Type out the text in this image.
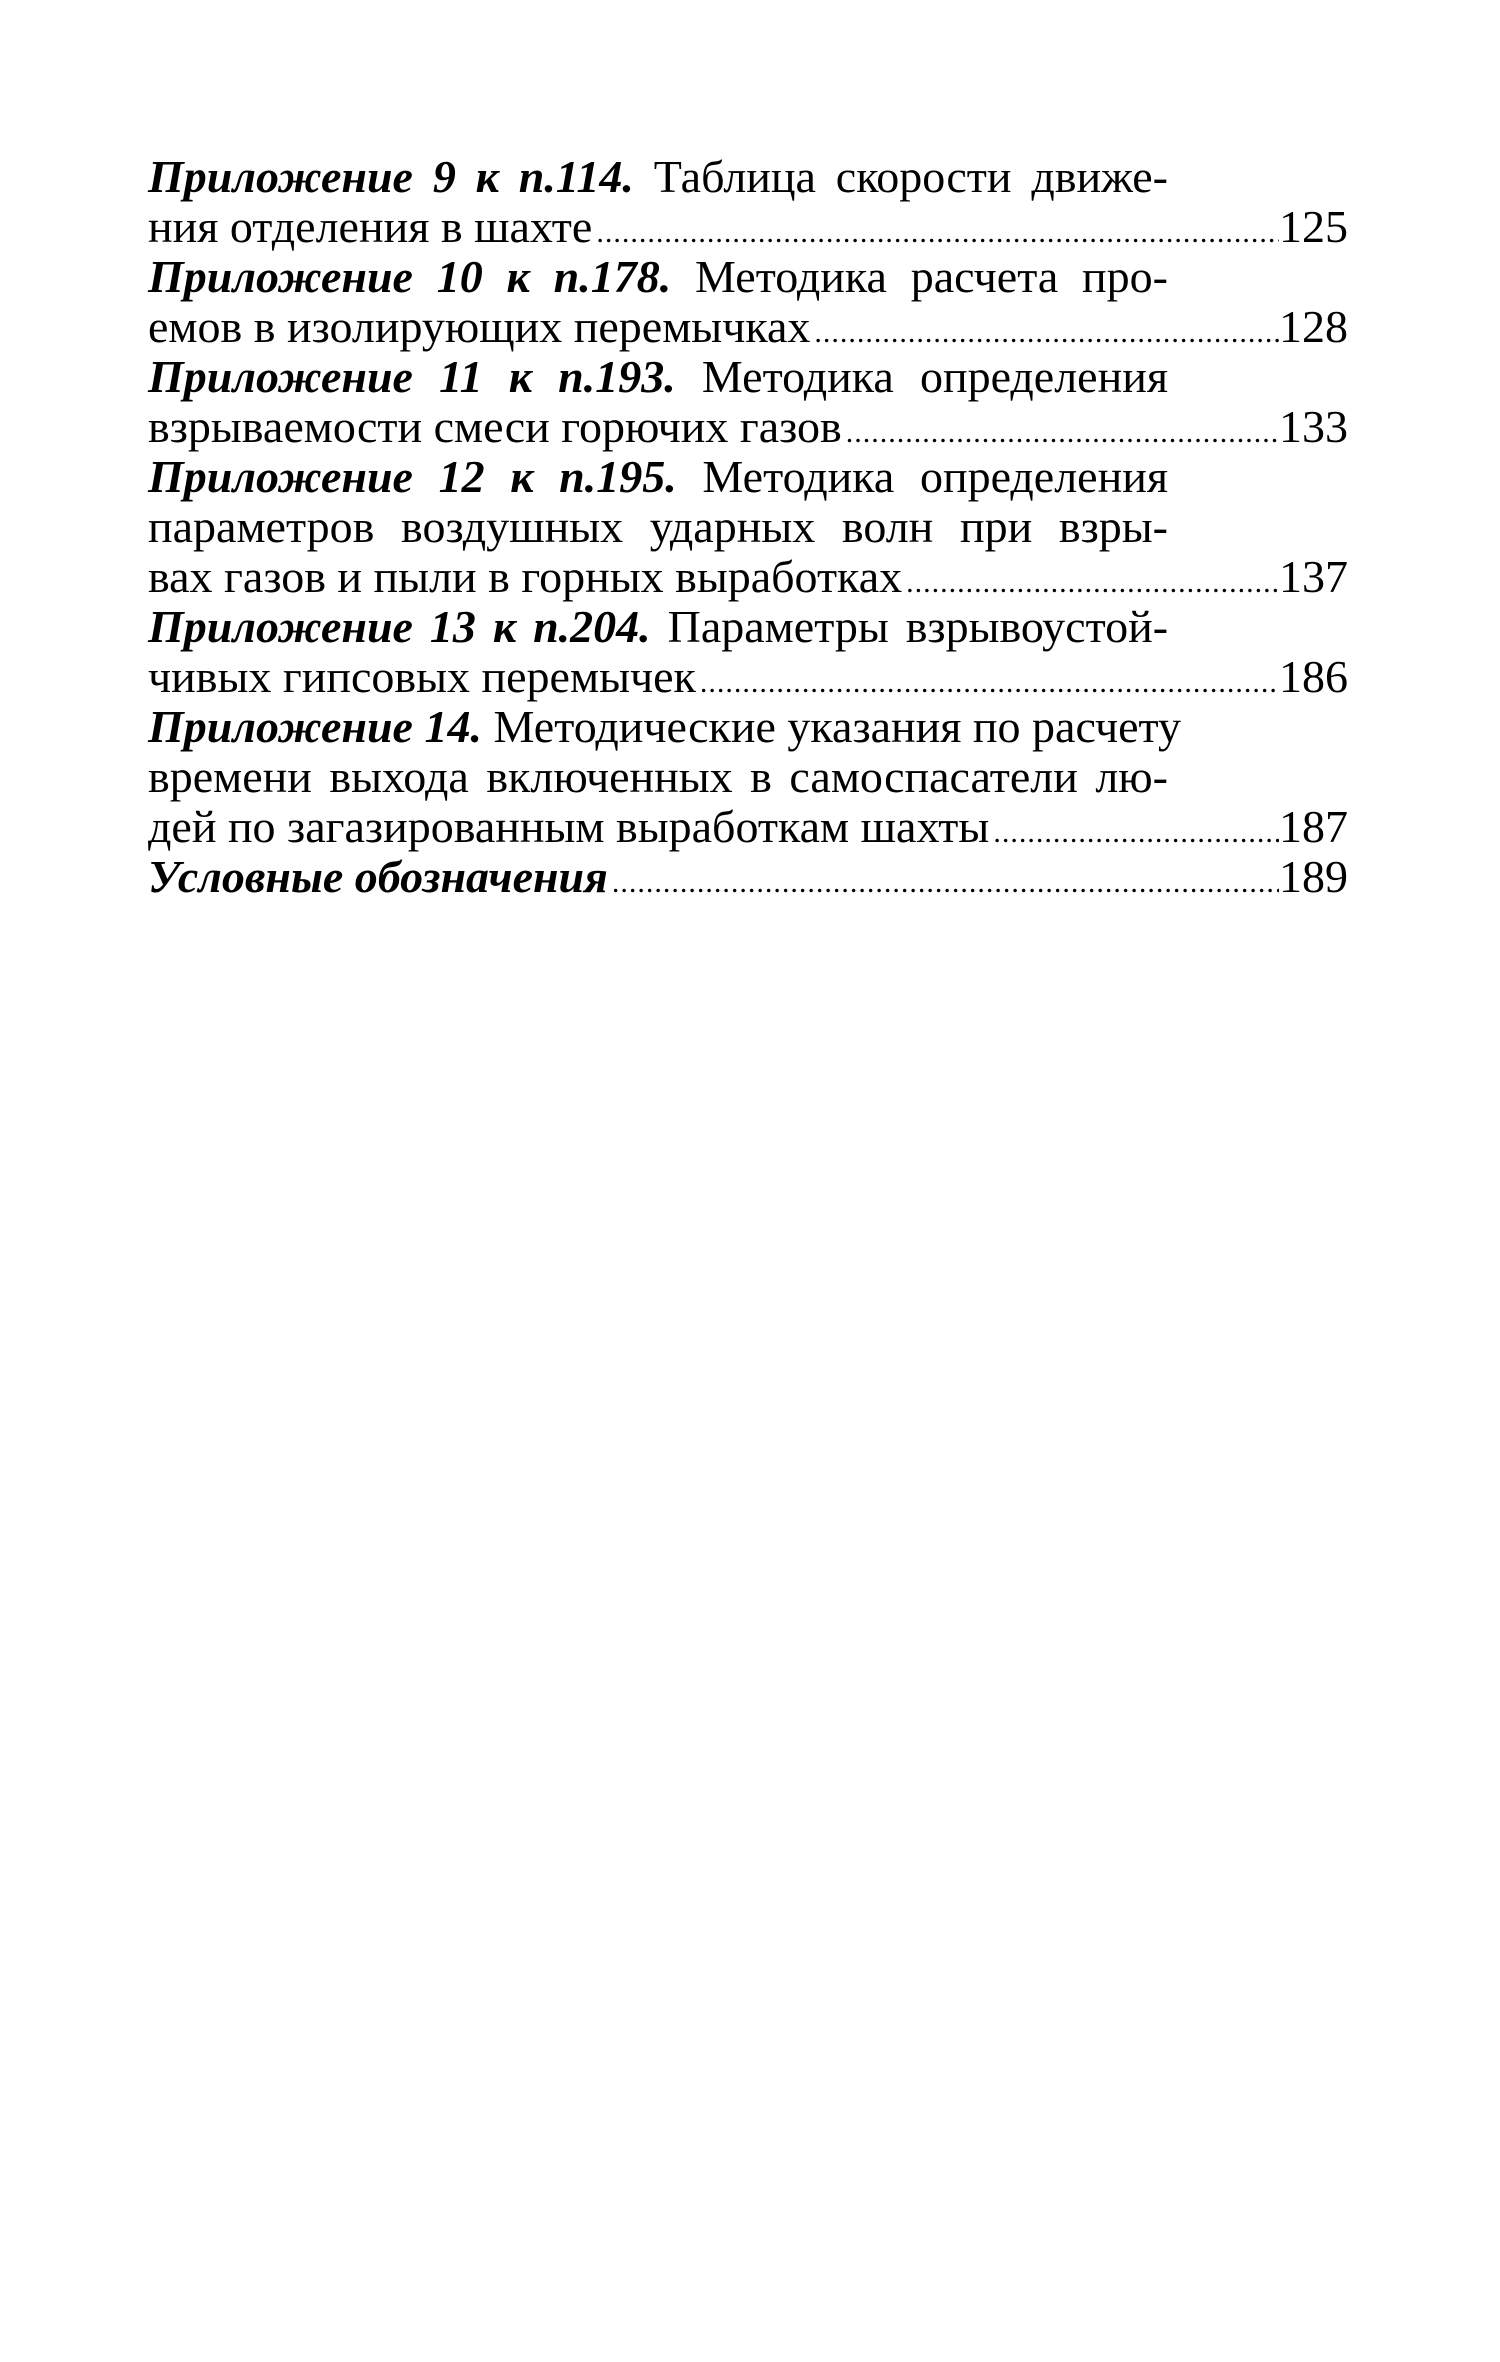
Приложение 9 к п.114. Таблица скорости движе-
ния отделения в шахте .....	125
Приложение 10 к п.178. Методика расчета про-
емов в изолирующих перемычках .....	128
Приложение 11 к п.193. Методика определения
взрываемости смеси горючих газов .....	133
Приложение 12 к п.195. Методика определения
параметров воздушных ударных волн при взры-
вах газов и пыли в горных выработках .....	137
Приложение 13 к п.204. Параметры взрывоустой-
чивых гипсовых перемычек .....	186
Приложение 14. Методические указания по расчету
времени выхода включенных в самоспасатели лю-
дей по загазированным выработкам шахты .....	187
Условные обозначения .....	189
